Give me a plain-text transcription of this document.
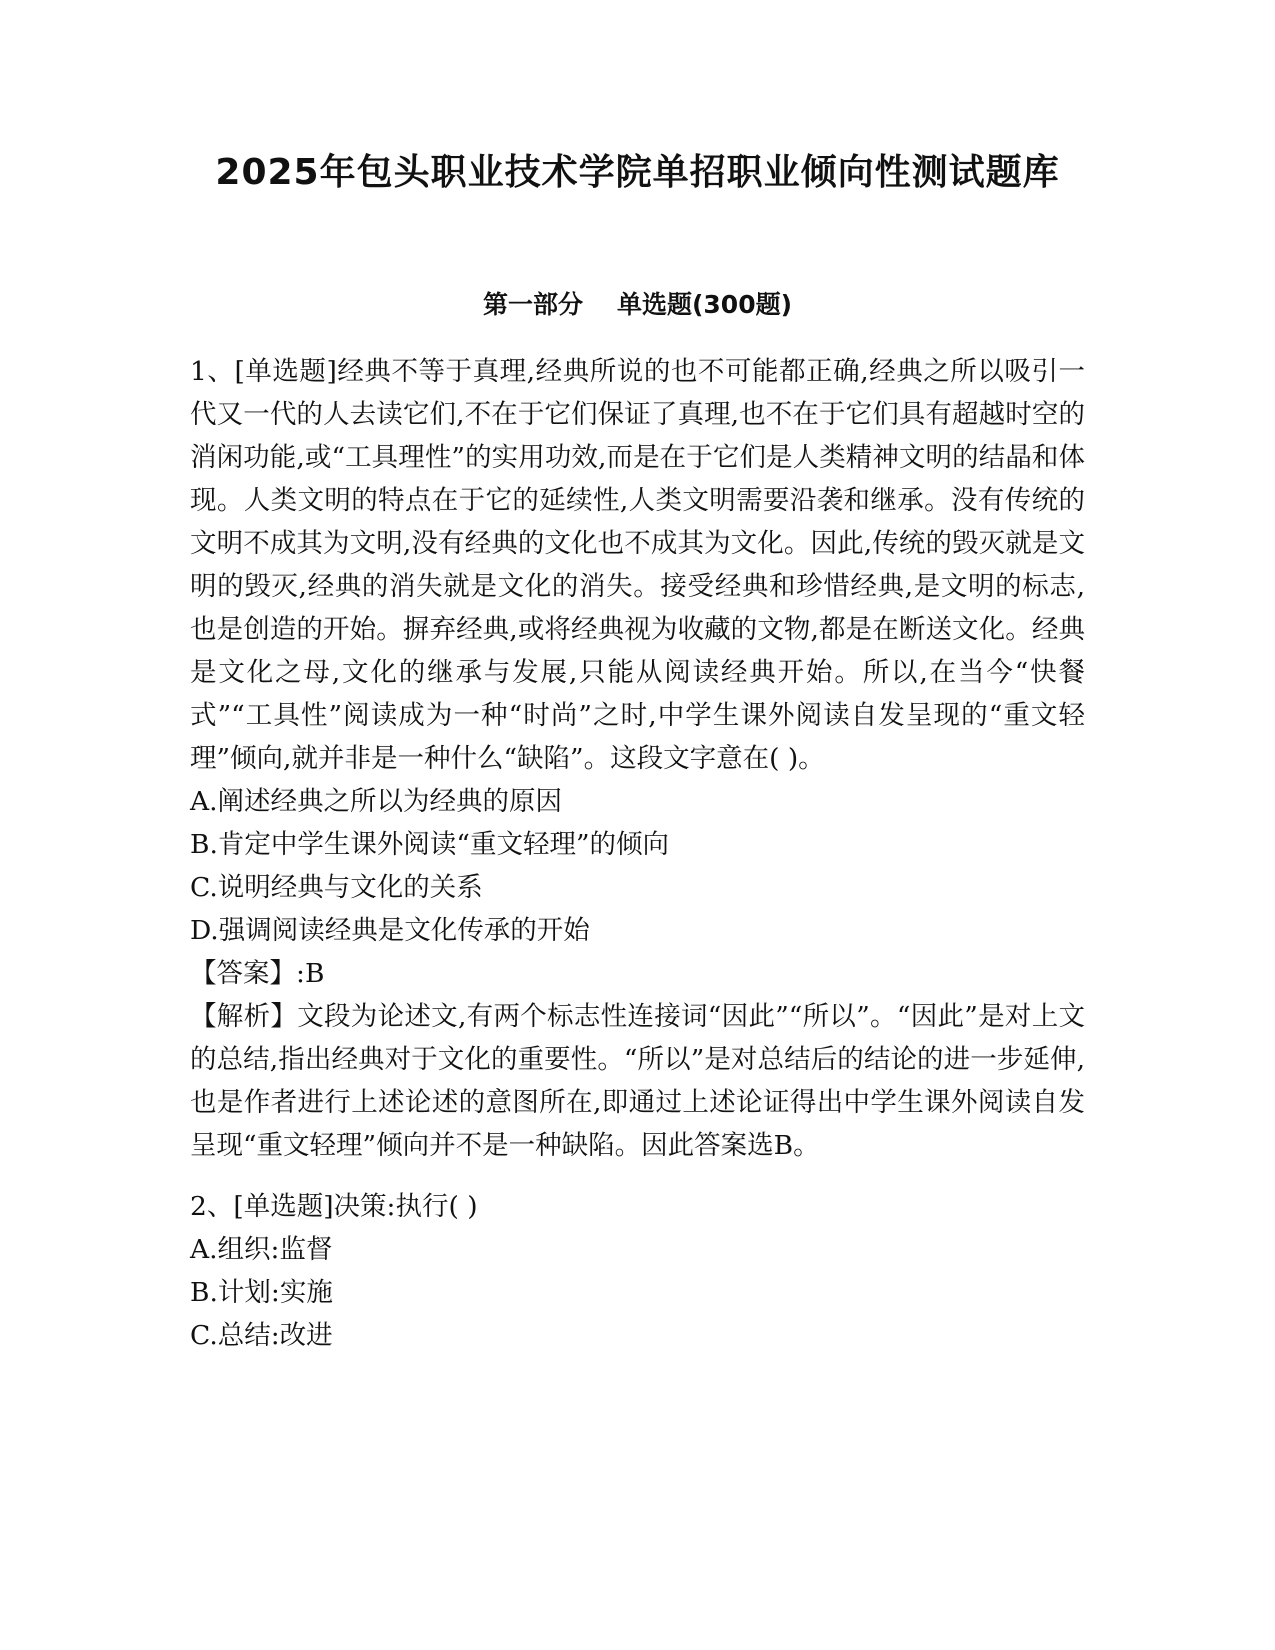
2025年包头职业技术学院单招职业倾向性测试题库
第一部分 单选题(300题)

1、[单选题]经典不等于真理,经典所说的也不可能都正确,经典之所以吸引一代又一代的人去读它们,不在于它们保证了真理,也不在于它们具有超越时空的消闲功能,或“工具理性”的实用功效,而是在于它们是人类精神文明的结晶和体现。人类文明的特点在于它的延续性,人类文明需要沿袭和继承。没有传统的文明不成其为文明,没有经典的文化也不成其为文化。因此,传统的毁灭就是文明的毁灭,经典的消失就是文化的消失。接受经典和珍惜经典,是文明的标志,也是创造的开始。摒弃经典,或将经典视为收藏的文物,都是在断送文化。经典是文化之母,文化的继承与发展,只能从阅读经典开始。所以,在当今“快餐式”“工具性”阅读成为一种“时尚”之时,中学生课外阅读自发呈现的“重文轻理”倾向,就并非是一种什么“缺陷”。这段文字意在( )。

A.阐述经典之所以为经典的原因

B.肯定中学生课外阅读“重文轻理”的倾向

C.说明经典与文化的关系

D.强调阅读经典是文化传承的开始

【答案】:B

【解析】文段为论述文,有两个标志性连接词“因此”“所以”。“因此”是对上文的总结,指出经典对于文化的重要性。“所以”是对总结后的结论的进一步延伸,也是作者进行上述论述的意图所在,即通过上述论证得出中学生课外阅读自发呈现“重文轻理”倾向并不是一种缺陷。因此答案选B。

2、[单选题]决策:执行( )

A.组织:监督

B.计划:实施

C.总结:改进
